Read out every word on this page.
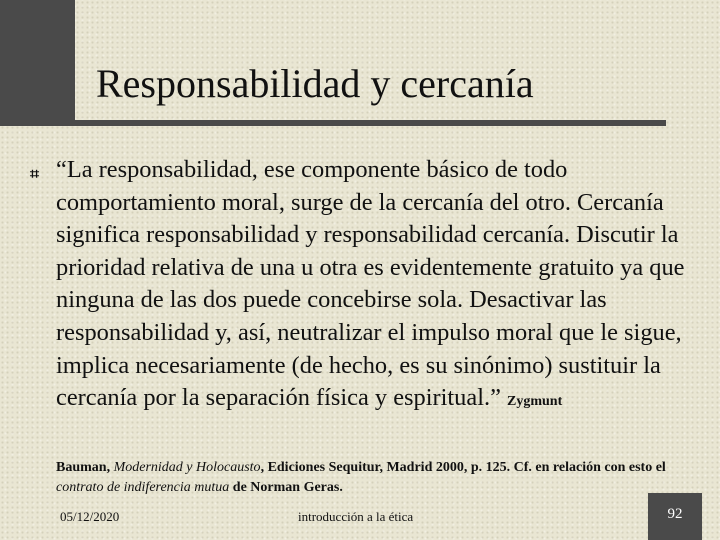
Responsabilidad y cercanía
⌗ “La responsabilidad, ese componente básico de todo comportamiento moral, surge de la cercanía del otro. Cercanía significa responsabilidad y responsabilidad cercanía. Discutir la prioridad relativa de una u otra es evidentemente gratuito ya que ninguna de las dos puede concebirse sola. Desactivar las responsabilidad y, así, neutralizar el impulso moral que le sigue, implica necesariamente (de hecho, es su sinónimo) sustituir la cercanía por la separación física y espiritual.” Zygmunt

Bauman, Modernidad y Holocausto, Ediciones Sequitur, Madrid 2000, p. 125. Cf. en relación con esto el contrato de indiferencia mutua de Norman Geras.

05/12/2020	introducción a la ética	92
